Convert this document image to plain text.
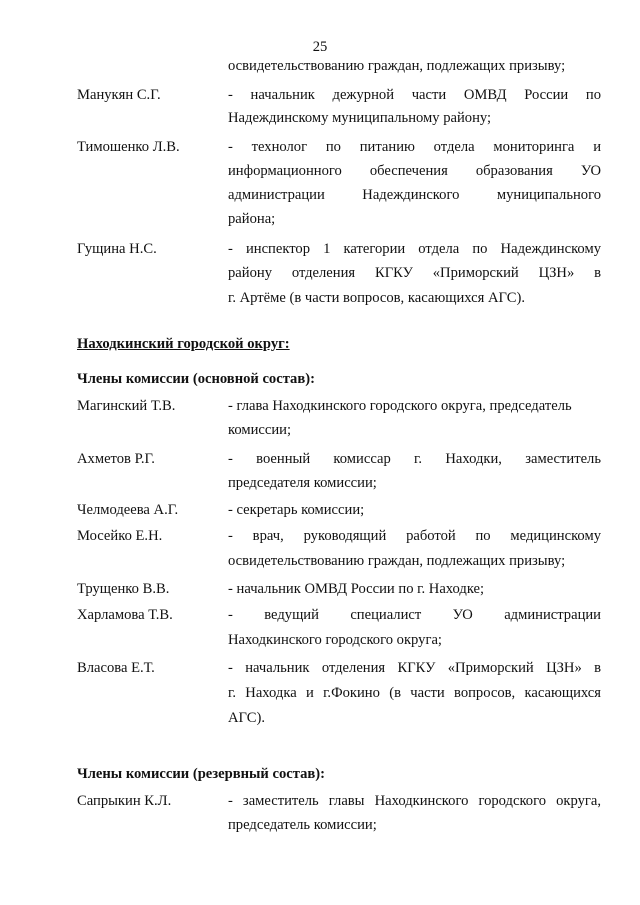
25
освидетельствованию граждан, подлежащих призыву;
Манукян С.Г.	- начальник дежурной части ОМВД России по
Надеждинскому муниципальному району;
Тимошенко Л.В.	- технолог по питанию отдела мониторинга и
информационного обеспечения образования УО
администрации Надеждинского муниципального
района;
Гущина Н.С.	- инспектор 1 категории отдела по Надеждинскому
району отделения КГКУ «Приморский ЦЗН» в
г. Артёме (в части вопросов, касающихся АГС).
Находкинский городской округ:
Члены комиссии (основной состав):
Магинский Т.В.	- глава Находкинского городского округа, председатель
комиссии;
Ахметов Р.Г.	- военный комиссар г. Находки, заместитель
председателя комиссии;
Челмодеева А.Г.	- секретарь комиссии;
Мосейко Е.Н.	- врач, руководящий работой по медицинскому
освидетельствованию граждан, подлежащих призыву;
Трущенко В.В.	- начальник ОМВД России по г. Находке;
Харламова Т.В.	- ведущий специалист УО администрации
Находкинского городского округа;
Власова Е.Т.	- начальник отделения КГКУ «Приморский ЦЗН» в
г. Находка и г.Фокино (в части вопросов, касающихся
АГС).
Члены комиссии (резервный состав):
Сапрыкин К.Л.	- заместитель главы Находкинского городского округа,
председатель комиссии;
